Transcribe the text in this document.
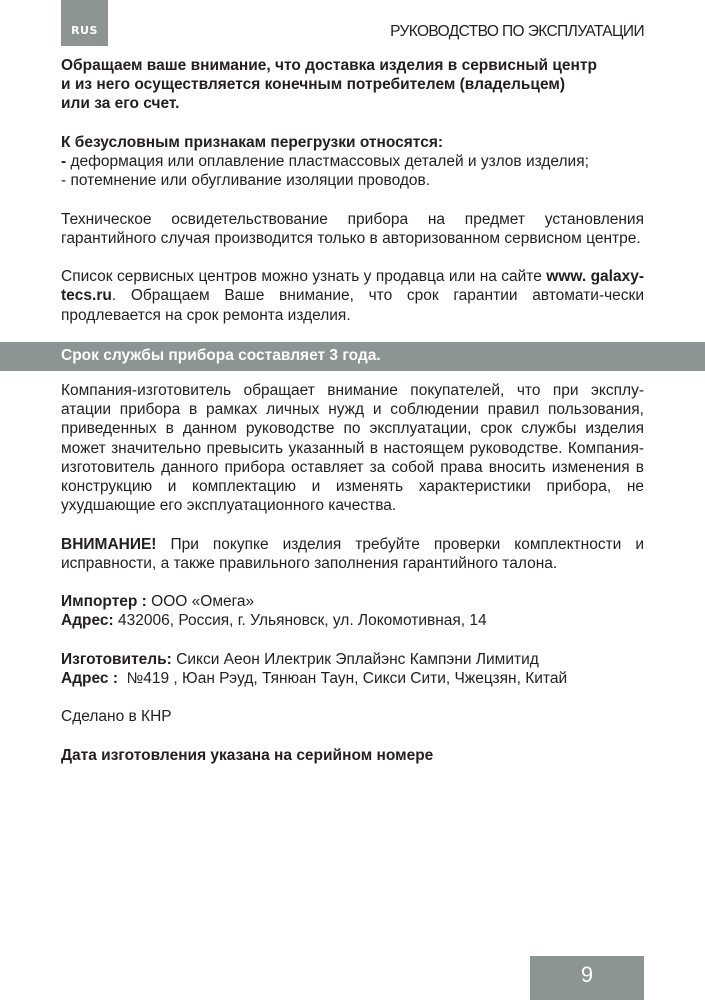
RUS	РУКОВОДСТВО ПО ЭКСПЛУАТАЦИИ

Обращаем ваше внимание, что доставка изделия в сервисный центр
и из него осуществляется конечным потребителем (владельцем)
или за его счет.

К безусловным признакам перегрузки относятся:
- деформация или оплавление пластмассовых деталей и узлов изделия;
- потемнение или обугливание изоляции проводов.

Техническое освидетельствование прибора на предмет установления гарантийного случая производится только в авторизованном сервисном центре.

Список сервисных центров можно узнать у продавца или на сайте www. galaxy-tecs.ru. Обращаем Ваше внимание, что срок гарантии автомати-чески продлевается на срок ремонта изделия.

Срок службы прибора составляет 3 года.

Компания-изготовитель обращает внимание покупателей, что при эксплу-атации прибора в рамках личных нужд и соблюдении правил пользования, приведенных в данном руководстве по эксплуатации, срок службы изделия может значительно превысить указанный в настоящем руководстве. Компания-изготовитель данного прибора оставляет за собой права вносить изменения в конструкцию и комплектацию и изменять характеристики прибора, не ухудшающие его эксплуатационного качества.

ВНИМАНИЕ! При покупке изделия требуйте проверки комплектности и исправности, а также правильного заполнения гарантийного талона.

Импортер : ООО «Омега»
Адрес: 432006, Россия, г. Ульяновск, ул. Локомотивная, 14

Изготовитель: Сикси Аеон Илектрик Эплайэнс Кампэни Лимитид
Адрес :  №419 , Юан Рэуд, Тянюан Таун, Сикси Сити, Чжецзян, Китай

Сделано в КНР

Дата изготовления указана на серийном номере

9
